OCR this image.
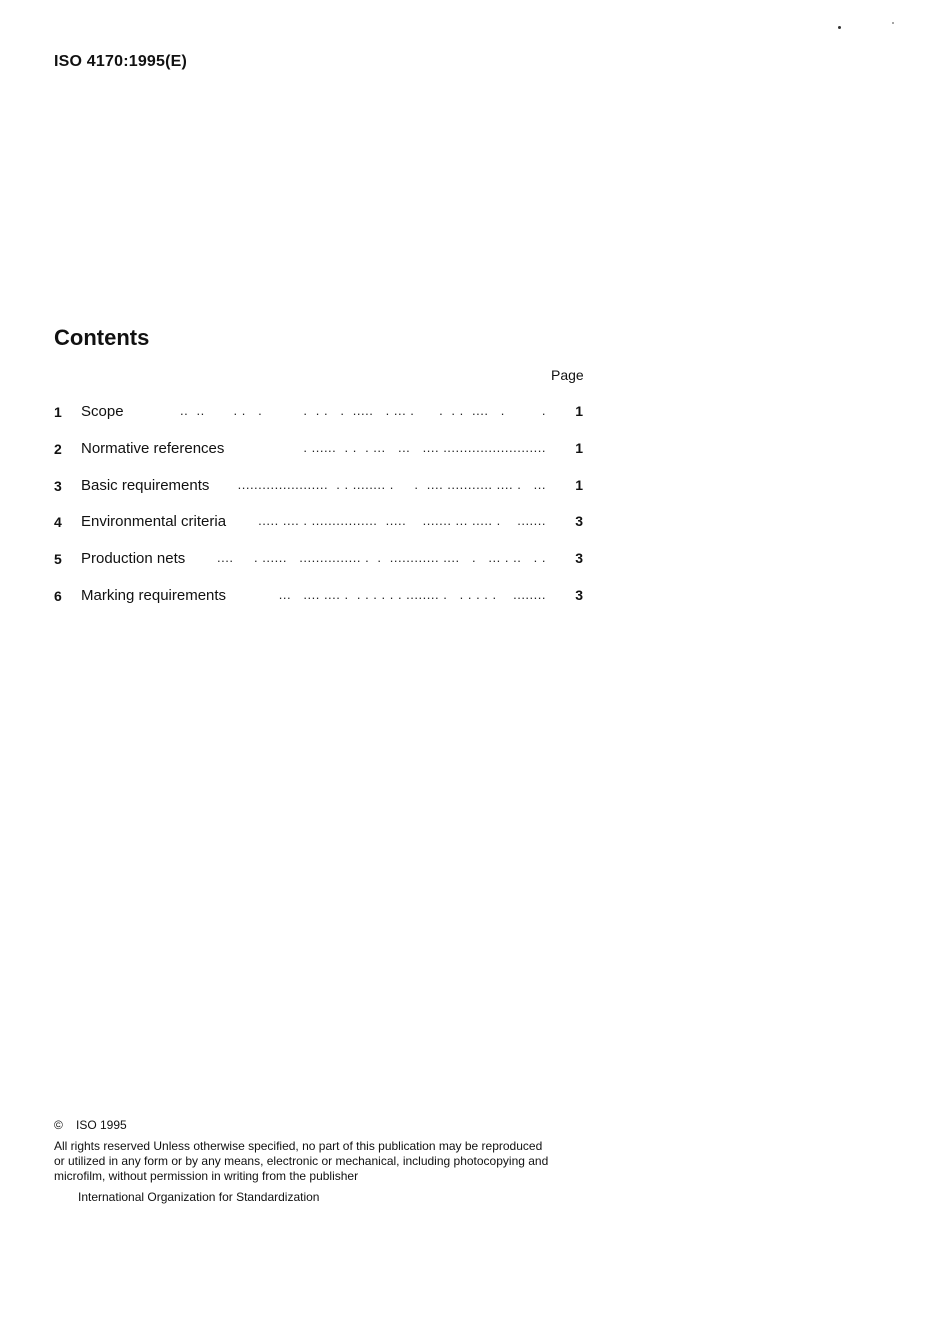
ISO 4170:1995(E)
Contents
Page
1 Scope	..  ..       . .   .          .  . .   .  .....   . ... .      .  . .  ....   .         . 1
2 Normative references	. ......  . .  . ...   ...   .... ......................... 1
3 Basic requirements ......................  . . ........ .     .  .... ........... .... .   ... 1
4 Environmental criteria ..... .... . ................  .....    ....... ... ..... .    ....... 3
5 Production nets ....     . ......   ............... .  .  ............ ....   .   ... . ..   . . 3
6 Marking requirements	...   .... .... .  . . . . . . ........ .   . . . . .    ........ 3
© ISO 1995
All rights reserved Unless otherwise specified, no part of this publication may be reproduced
or utilized in any form or by any means, electronic or mechanical, including photocopying and
microfilm, without permission in writing from the publisher
International Organization for Standardization
